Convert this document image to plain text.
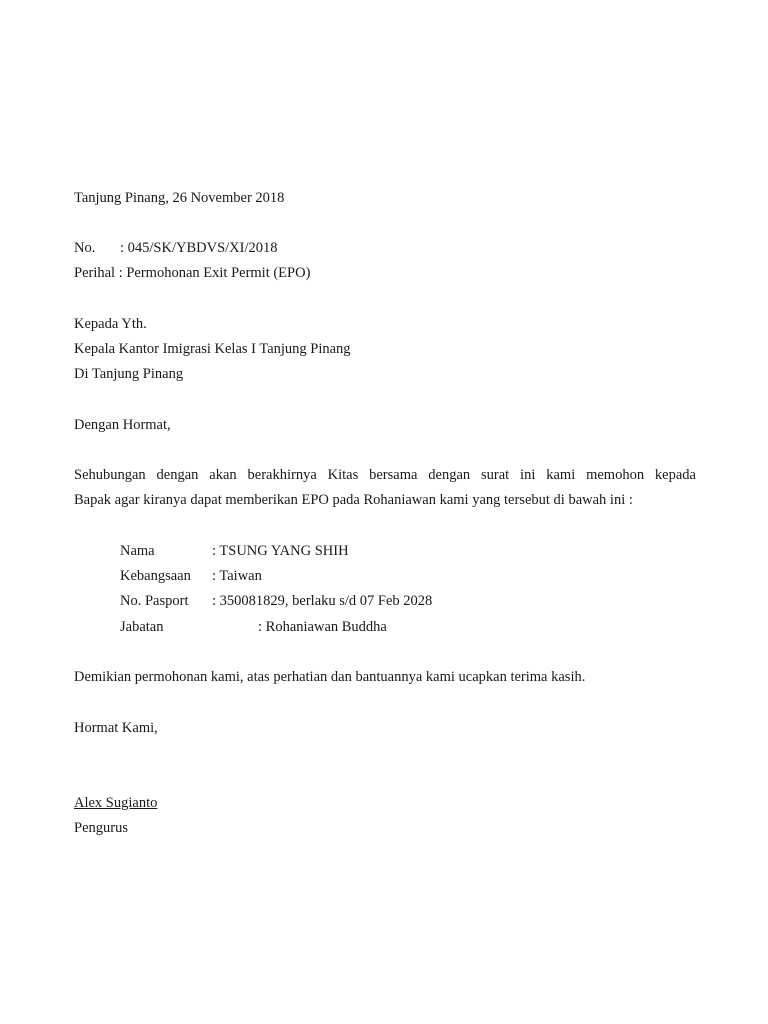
Tanjung Pinang, 26 November 2018
No. : 045/SK/YBDVS/XI/2018
Perihal : Permohonan Exit Permit (EPO)
Kepada Yth.
Kepala Kantor Imigrasi Kelas I Tanjung Pinang
Di Tanjung Pinang
Dengan Hormat,
Sehubungan dengan akan berakhirnya Kitas bersama dengan surat ini kami memohon kepada
Bapak agar kiranya dapat memberikan EPO pada Rohaniawan kami yang tersebut di bawah ini :
Nama	: TSUNG YANG SHIH
Kebangsaan : Taiwan
No. Pasport : 350081829, berlaku s/d 07 Feb 2028
Jabatan	: Rohaniawan Buddha
Demikian permohonan kami, atas perhatian dan bantuannya kami ucapkan terima kasih.
Hormat Kami,
Alex Sugianto
Pengurus
